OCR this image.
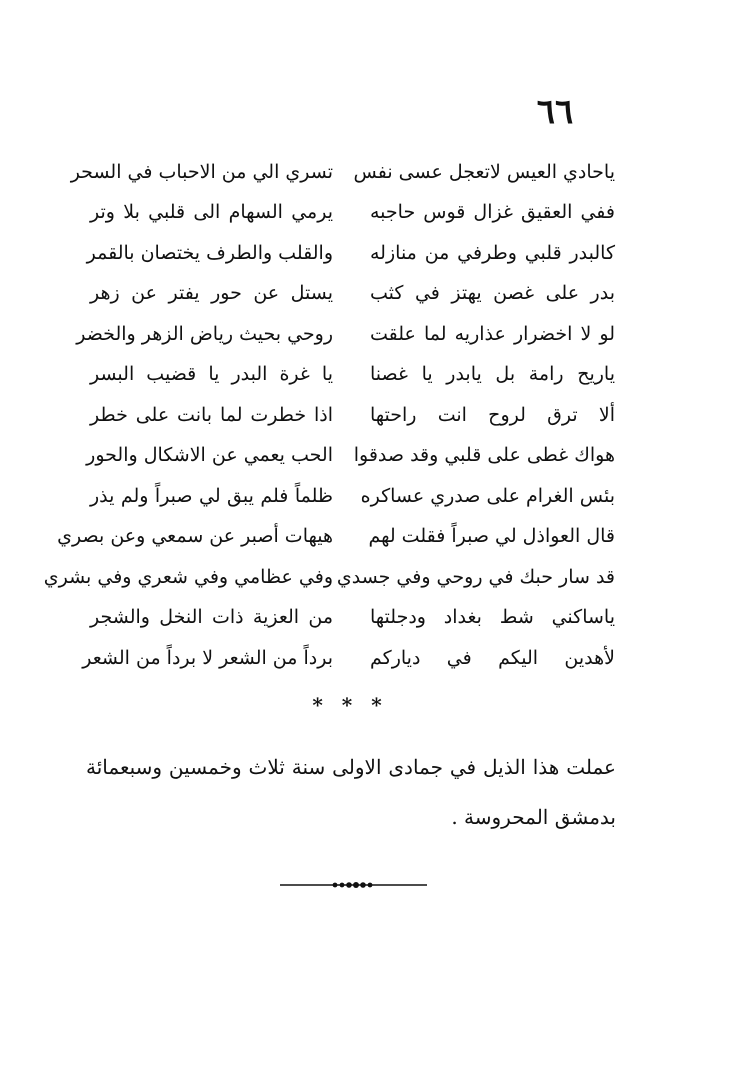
٦٦
ياحادي العيس لاتعجل عسى نفس
تسري الي من الاحباب في السحر
ففي العقيق غزال قوس حاجبه
يرمي السهام الى قلبي بلا وتر
كالبدر قلبي وطرفي من منازله
والقلب والطرف يختصان بالقمر
بدر على غصن يهتز في كثب
يستل عن حور يفتر عن زهر
لو لا اخضرار عذاريه لما علقت
روحي بحيث رياض الزهر والخضر
ياريح رامة بل يابدر يا غصنا
يا غرة البدر يا قضيب البسر
ألا ترق لروح انت راحتها
اذا خطرت لما بانت على خطر
هواك غطى على قلبي وقد صدقوا
الحب يعمي عن الاشكال والحور
بئس الغرام على صدري عساكره
ظلماً فلم يبق لي صبراً ولم يذر
قال العواذل لي صبراً فقلت لهم
هيهات أصبر عن سمعي وعن بصري
قد سار حبك في روحي وفي جسدي
وفي عظامي وفي شعري وفي بشري
ياساكني شط بغداد ودجلتها
من العزية ذات النخل والشجر
لأهدين اليكم في دياركم
برداً من الشعر لا برداً من الشعر
* * *
عملت هذا الذيل في جمادى الاولى سنة ثلاث وخمسين وسبعمائة
بدمشق المحروسة .
